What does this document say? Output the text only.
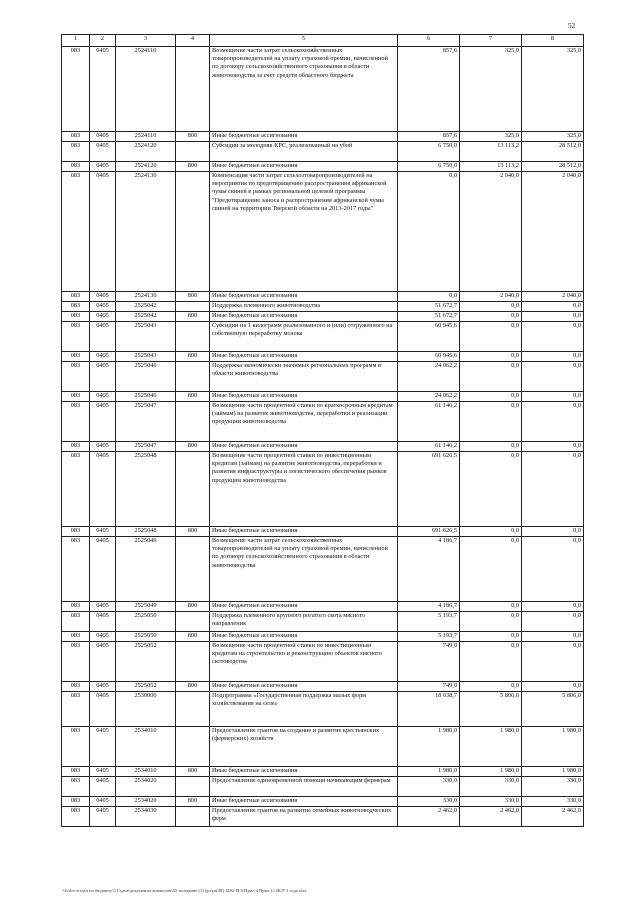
52
1	2	3	4	5	6	7	8
083	0405	2524110		Возмещение части затрат сельскохозяйственных товаропроизводителей на уплату страховой премии, начисленной по договору сельскохозяйственного страхования в области животноводства за счет средств областного бюджета	857,6	325,0	325,0
083	0405	2524110	800	Иные бюджетные ассигнования	857,6	325,0	325,0
083	0405	2524120		Субсидии за молодняк КРС, реализованный на убой	6 750,0	13 113,2	28 512,0
083	0405	2524120	800	Иные бюджетные ассигнования	6 750,0	13 113,2	28 512,0
083	0405	2524130		Компенсация части затрат сельхозтоваропроизводителей на мероприятия по предотвращению распространения африканской чумы свиней в рамках региональной целевой программы "Предотвращение заноса и распространения африканской чумы свиней на территории Тверской области на 2013-2017 годы"	0,0	2 040,0	2 040,0
083	0405	2524130	800	Иные бюджетные ассигнования	0,0	2 040,0	2 040,0
083	0405	2525042		Поддержка племенного животноводства	51 672,7	0,0	0,0
083	0405	2525042	800	Иные бюджетные ассигнования	51 672,7	0,0	0,0
083	0405	2525043		Субсидии на 1 килограмм реализованного и (или) отгруженного на собственную переработку молока	60 945,6	0,0	0,0
083	0405	2525043	800	Иные бюджетные ассигнования	60 945,6	0,0	0,0
083	0405	2525046		Поддержка экономически значимых региональных программ в области животноводства	24 062,2	0,0	0,0
083	0405	2525046	800	Иные бюджетные ассигнования	24 062,2	0,0	0,0
083	0405	2525047		Возмещение части процентной ставки по краткосрочным кредитам (займам) на развитие животноводства, переработки и реализации продукции животноводства	61 146,2	0,0	0,0
083	0405	2525047	800	Иные бюджетные ассигнования	61 146,2	0,0	0,0
083	0405	2525048		Возмещение части процентной ставки по инвестиционным кредитам (займам) на развитие животноводства, переработки и развития инфраструктуры и логистического обеспечения рынков продукции животноводства	691 626,5	0,0	0,0
083	0405	2525048	800	Иные бюджетные ассигнования	691 626,5	0,0	0,0
083	0405	2525049		Возмещение части затрат сельскохозяйственных товаропроизводителей на уплату страховой премии, начисленной по договору сельскохозяйственного страхования в области животноводства	4 186,7	0,0	0,0
083	0405	2525049	800	Иные бюджетные ассигнования	4 186,7	0,0	0,0
083	0405	2525050		Поддержка племенного крупного рогатого скота мясного направления	5 193,7	0,0	0,0
083	0405	2525050	800	Иные бюджетные ассигнования	5 193,7	0,0	0,0
083	0405	2525052		Возмещение части процентной ставки по инвестиционным кредитам на строительство и реконструкцию объектов мясного скотоводства	749,0	0,0	0,0
083	0405	2525052	800	Иные бюджетные ассигнования	749,0	0,0	0,0
083	0405	2530000		Подпрограмма «Государственная поддержка малых форм хозяйствования на селе»	18 038,7	5 806,0	5 806,0
083	0405	2534010		Предоставление грантов на создание и развитие крестьянских (фермерских) хозяйств	1 980,0	1 980,0	1 980,0
083	0405	2534010	800	Иные бюджетные ассигнования	1 980,0	1 980,0	1 980,0
083	0405	2534020		Предоставление единовременной помощи начинающим фермерам	330,0	330,0	330,0
083	0405	2534020	800	Иные бюджетные ассигнования	330,0	330,0	330,0
083	0405	2534030		Предоставление грантов на развитие семейных животноводческих ферм	2 462,0	2 462,0	2 462,0
\\fs\doc\отдел по бюджету\5 Сдача\документы комиссии\49 заседание (11)\pr\pr(49) 1292-П-5\Прил 4 Прил 11 ВСР 3 года.xlsx
